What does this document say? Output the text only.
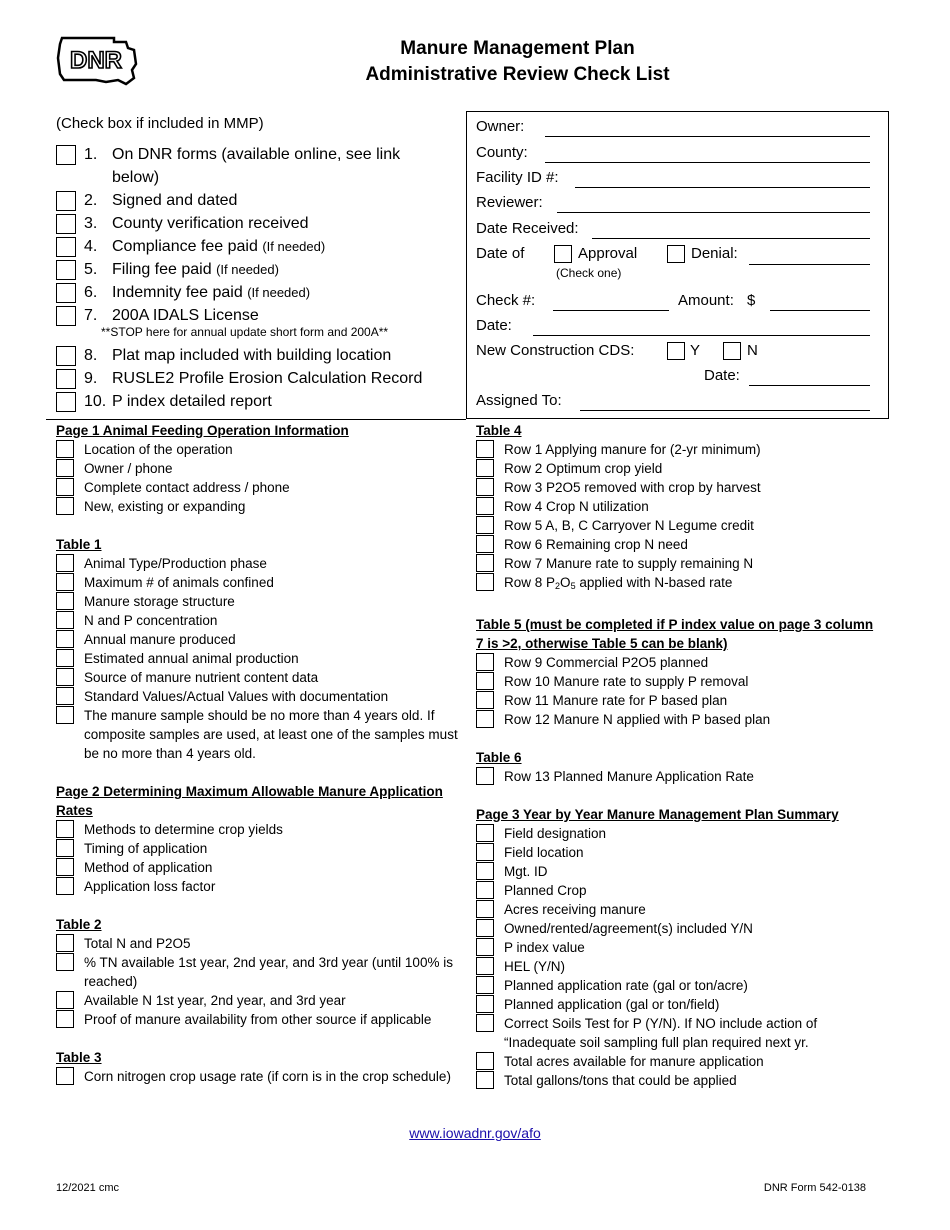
DNR	Manure Management Plan
Administrative Review Check List
(Check box if included in MMP)
1. On DNR forms (available online, see link
below)
2. Signed and dated
3. County verification received
4. Compliance fee paid (If needed)
5. Filing fee paid (If needed)
6. Indemnity fee paid (If needed)
7. 200A IDALS License
8. Plat map included with building location
9. RUSLE2 Profile Erosion Calculation Record
10. P index detailed report
**STOP here for annual update short form and 200A**
Owner:
County:
Facility ID #:
Reviewer:
Date Received:
Date of	Approval	Denial:
(Check one)
Check #:	Amount: $
Date:
New Construction CDS:	Y	N
Date:
Assigned To:
Page 1 Animal Feeding Operation Information
Location of the operation
Owner / phone
Complete contact address / phone
New, existing or expanding
Table 1
Animal Type/Production phase
Maximum # of animals confined
Manure storage structure
N and P concentration
Annual manure produced
Estimated annual animal production
Source of manure nutrient content data
Standard Values/Actual Values with documentation
The manure sample should be no more than 4 years old. If composite samples are used, at least one of the samples must be no more than 4 years old.
Page 2 Determining Maximum Allowable Manure Application Rates
Methods to determine crop yields
Timing of application
Method of application
Application loss factor
Table 2
Total N and P2O5
% TN available 1st year, 2nd year, and 3rd year (until 100% is reached)
Available N 1st year, 2nd year, and 3rd year
Proof of manure availability from other source if applicable
Table 3
Corn nitrogen crop usage rate (if corn is in the crop schedule)
Table 4
Row 1 Applying manure for (2-yr minimum)
Row 2 Optimum crop yield
Row 3 P2O5 removed with crop by harvest
Row 4 Crop N utilization
Row 5 A, B, C Carryover N Legume credit
Row 6 Remaining crop N need
Row 7 Manure rate to supply remaining N
Row 8 $P_2O_5$ applied with N-based rate
Table 5 (must be completed if P index value on page 3 column 7 is >2, otherwise Table 5 can be blank)
Row 9 Commercial P2O5 planned
Row 10 Manure rate to supply P removal
Row 11 Manure rate for P based plan
Row 12 Manure N applied with P based plan
Table 6
Row 13 Planned Manure Application Rate
Page 3 Year by Year Manure Management Plan Summary
Field designation
Field location
Mgt. ID
Planned Crop
Acres receiving manure
Owned/rented/agreement(s) included Y/N
P index value
HEL (Y/N)
Planned application rate (gal or ton/acre)
Planned application (gal or ton/field)
Correct Soils Test for P (Y/N). If NO include action of “Inadequate soil sampling full plan required next yr.
Total acres available for manure application
Total gallons/tons that could be applied
www.iowadnr.gov/afo
12/2021 cmc	DNR Form 542-0138
